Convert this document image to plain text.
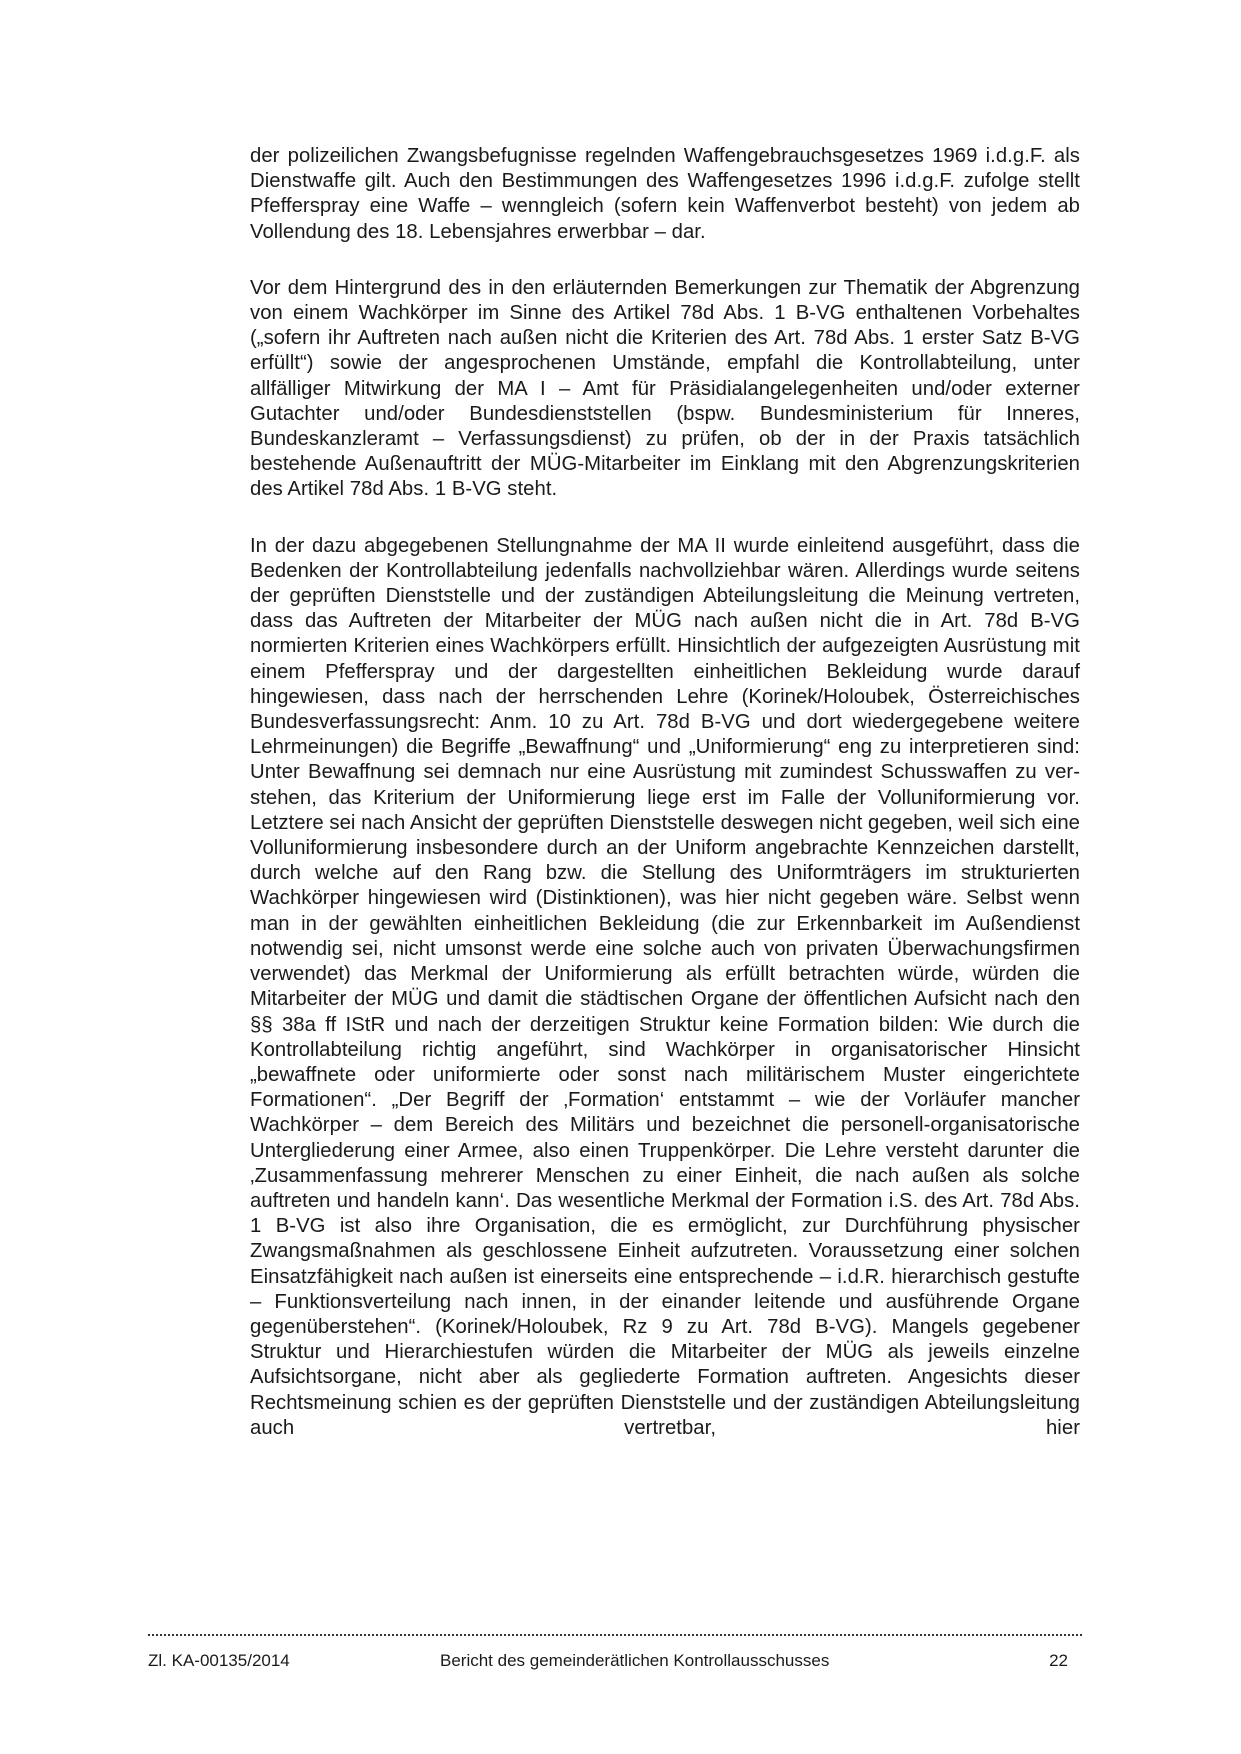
der polizeilichen Zwangsbefugnisse regelnden Waffengebrauchsgesetzes 1969 i.d.g.F. als Dienstwaffe gilt. Auch den Bestimmungen des Waffengesetzes 1996 i.d.g.F. zufolge stellt Pfefferspray eine Waffe – wenngleich (sofern kein Waffenverbot besteht) von jedem ab Vollendung des 18. Lebensjahres erwerbbar – dar.

Vor dem Hintergrund des in den erläuternden Bemerkungen zur Thematik der Abgrenzung von einem Wachkörper im Sinne des Artikel 78d Abs. 1 B-VG enthaltenen Vorbehaltes („sofern ihr Auftreten nach außen nicht die Kriterien des Art. 78d Abs. 1 erster Satz B-VG erfüllt“) sowie der angesprochenen Umstände, empfahl die Kontrollabteilung, unter allfälliger Mitwirkung der MA I – Amt für Präsidialangelegenheiten und/oder externer Gutachter und/oder Bundesdienststellen (bspw. Bundesministerium für Inneres, Bundeskanzleramt – Verfassungsdienst) zu prüfen, ob der in der Praxis tatsächlich bestehende Außenauftritt der MÜG-Mitarbeiter im Einklang mit den Abgrenzungskriterien des Artikel 78d Abs. 1 B-VG steht.

In der dazu abgegebenen Stellungnahme der MA II wurde einleitend ausgeführt, dass die Bedenken der Kontrollabteilung jedenfalls nachvollziehbar wären. Allerdings wurde seitens der geprüften Dienststelle und der zuständigen Abteilungsleitung die Meinung vertreten, dass das Auftreten der Mitarbeiter der MÜG nach außen nicht die in Art. 78d B-VG normierten Kriterien eines Wachkörpers erfüllt. Hinsichtlich der aufgezeigten Ausrüstung mit einem Pfefferspray und der dargestellten einheitlichen Bekleidung wurde darauf hingewiesen, dass nach der herrschenden Lehre (Korinek/Holoubek, Österreichisches Bundesverfassungsrecht: Anm. 10 zu Art. 78d B-VG und dort wiedergegebene weitere Lehrmeinungen) die Begriffe „Bewaffnung“ und „Uniformierung“ eng zu interpretieren sind: Unter Bewaffnung sei demnach nur eine Ausrüstung mit zumindest Schusswaffen zu verstehen, das Kriterium der Uniformierung liege erst im Falle der Volluniformierung vor. Letztere sei nach Ansicht der geprüften Dienststelle deswegen nicht gegeben, weil sich eine Volluniformierung insbesondere durch an der Uniform angebrachte Kennzeichen darstellt, durch welche auf den Rang bzw. die Stellung des Uniformträgers im strukturierten Wachkörper hingewiesen wird (Distinktionen), was hier nicht gegeben wäre. Selbst wenn man in der gewählten einheitlichen Bekleidung (die zur Erkennbarkeit im Außendienst notwendig sei, nicht umsonst werde eine solche auch von privaten Überwachungsfirmen verwendet) das Merkmal der Uniformierung als erfüllt betrachten würde, würden die Mitarbeiter der MÜG und damit die städtischen Organe der öffentlichen Aufsicht nach den §§ 38a ff IStR und nach der derzeitigen Struktur keine Formation bilden: Wie durch die Kontrollabteilung richtig angeführt, sind Wachkörper in organisatorischer Hinsicht „bewaffnete oder uniformierte oder sonst nach militärischem Muster eingerichtete Formationen“. „Der Begriff der ‚Formation‘ entstammt – wie der Vorläufer mancher Wachkörper – dem Bereich des Militärs und bezeichnet die personell-organisatorische Untergliederung einer Armee, also einen Truppenkörper. Die Lehre versteht darunter die ‚Zusammenfassung mehrerer Menschen zu einer Einheit, die nach außen als solche auftreten und handeln kann‘. Das wesentliche Merkmal der Formation i.S. des Art. 78d Abs. 1 B-VG ist also ihre Organisation, die es ermöglicht, zur Durchführung physischer Zwangsmaßnahmen als geschlossene Einheit aufzutreten. Voraussetzung einer solchen Einsatzfähigkeit nach außen ist einerseits eine entsprechende – i.d.R. hierarchisch gestufte – Funktionsverteilung nach innen, in der einander leitende und ausführende Organe gegenüberstehen“. (Korinek/Holoubek, Rz 9 zu Art. 78d B-VG). Mangels gegebener Struktur und Hierarchiestufen würden die Mitarbeiter der MÜG als jeweils einzelne Aufsichtsorgane, nicht aber als gegliederte Formation auftreten. Angesichts dieser Rechtsmeinung schien es der geprüften Dienststelle und der zuständigen Abteilungsleitung auch vertretbar, hier

Zl. KA-00135/2014	Bericht des gemeinderätlichen Kontrollausschusses	22
